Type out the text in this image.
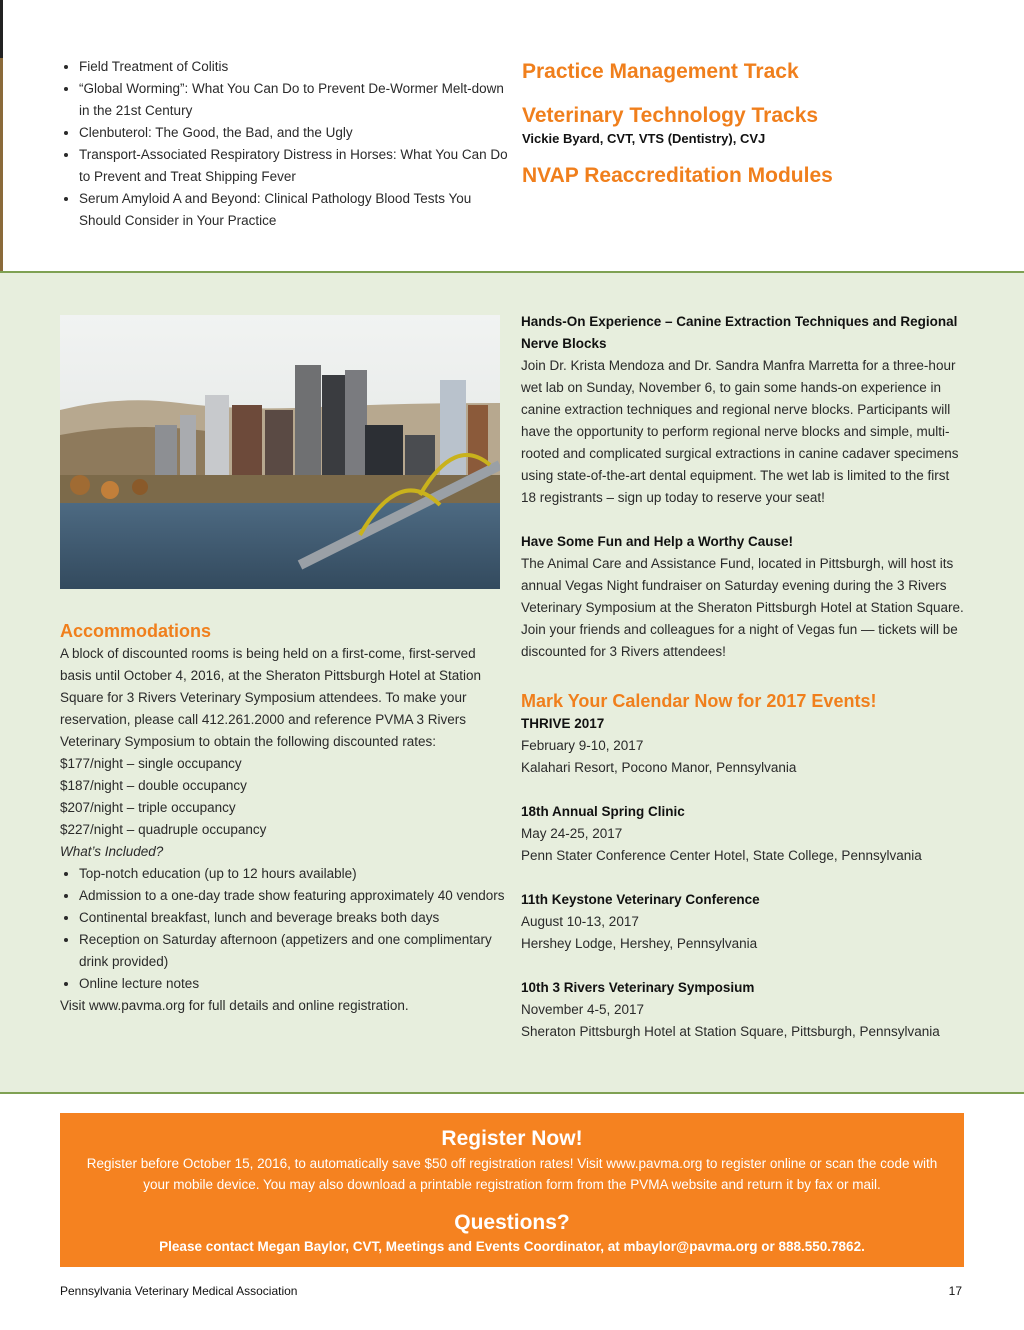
• Field Treatment of Colitis
• “Global Worming”: What You Can Do to Prevent De-Wormer Melt-down in the 21st Century
• Clenbuterol: The Good, the Bad, and the Ugly
• Transport-Associated Respiratory Distress in Horses: What You Can Do to Prevent and Treat Shipping Fever
• Serum Amyloid A and Beyond: Clinical Pathology Blood Tests You Should Consider in Your Practice

Practice Management Track

Veterinary Technology Tracks

Vickie Byard, CVT, VTS (Dentistry), CVJ

NVAP Reaccreditation Modules

Accommodations

A block of discounted rooms is being held on a first-come, first-served basis until October 4, 2016, at the Sheraton Pittsburgh Hotel at Station Square for 3 Rivers Veterinary Symposium attendees. To make your reservation, please call 412.261.2000 and reference PVMA 3 Rivers Veterinary Symposium to obtain the following discounted rates:

$177/night – single occupancy
$187/night – double occupancy
$207/night – triple occupancy
$227/night – quadruple occupancy

What’s Included?

• Top-notch education (up to 12 hours available)
• Admission to a one-day trade show featuring approximately 40 vendors
• Continental breakfast, lunch and beverage breaks both days
• Reception on Saturday afternoon (appetizers and one complimentary drink provided)
• Online lecture notes

Visit www.pavma.org for full details and online registration.

Hands-On Experience – Canine Extraction Techniques and Regional Nerve Blocks

Join Dr. Krista Mendoza and Dr. Sandra Manfra Marretta for a three-hour wet lab on Sunday, November 6, to gain some hands-on experience in canine extraction techniques and regional nerve blocks. Participants will have the opportunity to perform regional nerve blocks and simple, multi-rooted and complicated surgical extractions in canine cadaver specimens using state-of-the-art dental equipment. The wet lab is limited to the first 18 registrants – sign up today to reserve your seat!

Have Some Fun and Help a Worthy Cause!

The Animal Care and Assistance Fund, located in Pittsburgh, will host its annual Vegas Night fundraiser on Saturday evening during the 3 Rivers Veterinary Symposium at the Sheraton Pittsburgh Hotel at Station Square. Join your friends and colleagues for a night of Vegas fun — tickets will be discounted for 3 Rivers attendees!

Mark Your Calendar Now for 2017 Events!

THRIVE 2017
February 9-10, 2017
Kalahari Resort, Pocono Manor, Pennsylvania
18th Annual Spring Clinic
May 24-25, 2017
Penn Stater Conference Center Hotel, State College, Pennsylvania
11th Keystone Veterinary Conference
August 10-13, 2017
Hershey Lodge, Hershey, Pennsylvania
10th 3 Rivers Veterinary Symposium
November 4-5, 2017
Sheraton Pittsburgh Hotel at Station Square, Pittsburgh, Pennsylvania
Register Now!
Register before October 15, 2016, to automatically save $50 off registration rates! Visit www.pavma.org to register online or scan the code with your mobile device. You may also download a printable registration form from the PVMA website and return it by fax or mail.
Questions?
Please contact Megan Baylor, CVT, Meetings and Events Coordinator, at mbaylor@pavma.org or 888.550.7862.
Pennsylvania Veterinary Medical Association	17
